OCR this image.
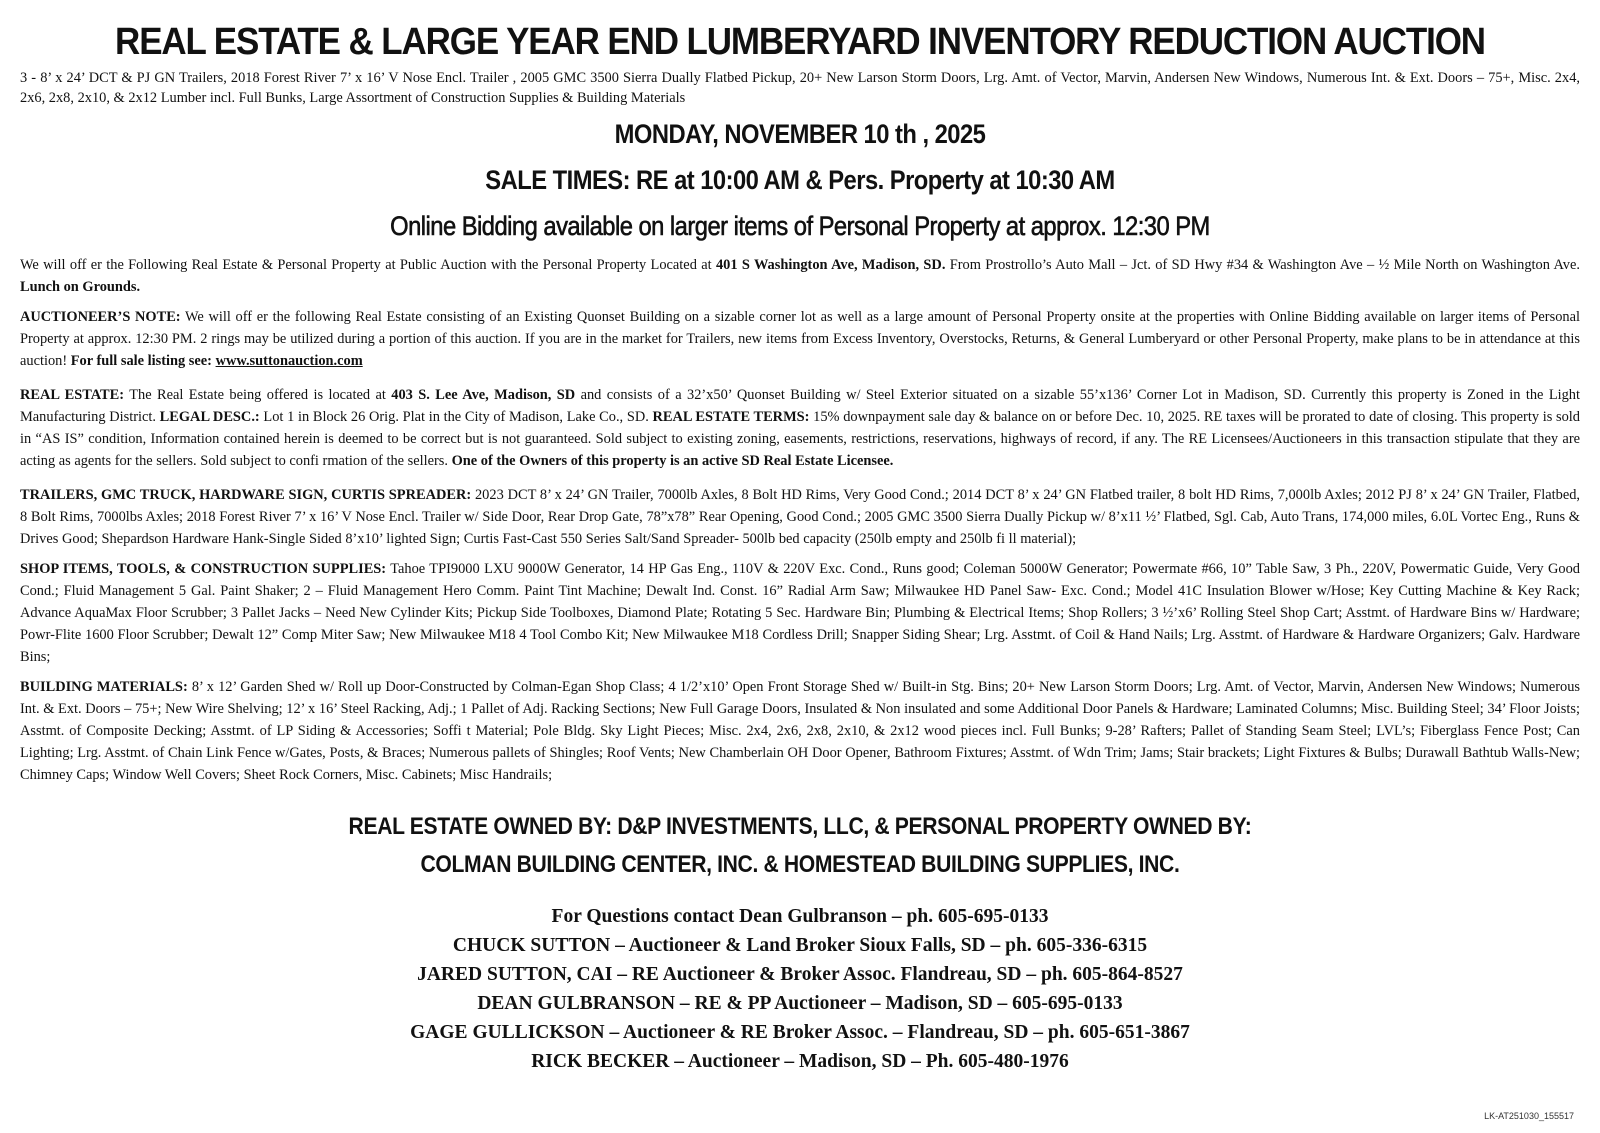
REAL ESTATE & LARGE YEAR END LUMBERYARD INVENTORY REDUCTION AUCTION
3 - 8’ x 24’ DCT & PJ GN Trailers, 2018 Forest River 7’ x 16’ V Nose Encl. Trailer , 2005 GMC 3500 Sierra Dually Flatbed Pickup, 20+ New Larson Storm Doors, Lrg. Amt. of Vector, Marvin, Andersen New Windows, Numerous Int. & Ext. Doors – 75+, Misc. 2x4, 2x6, 2x8, 2x10, & 2x12 Lumber incl. Full Bunks, Large Assortment of Construction Supplies & Building Materials
MONDAY, NOVEMBER 10 th , 2025
SALE TIMES: RE at 10:00 AM & Pers. Property at 10:30 AM
Online Bidding available on larger items of Personal Property at approx. 12:30 PM

We will off er the Following Real Estate & Personal Property at Public Auction with the Personal Property Located at 401 S Washington Ave, Madison, SD. From Prostrollo’s Auto Mall – Jct. of SD Hwy #34 & Washington Ave – ½ Mile North on Washington Ave. Lunch on Grounds.

AUCTIONEER’S NOTE: We will off er the following Real Estate consisting of an Existing Quonset Building on a sizable corner lot as well as a large amount of Personal Property onsite at the properties with Online Bidding available on larger items of Personal Property at approx. 12:30 PM. 2 rings may be utilized during a portion of this auction. If you are in the market for Trailers, new items from Excess Inventory, Overstocks, Returns, & General Lumberyard or other Personal Property, make plans to be in attendance at this auction! For full sale listing see: www.suttonauction.com

REAL ESTATE: The Real Estate being offered is located at 403 S. Lee Ave, Madison, SD and consists of a 32’x50’ Quonset Building w/ Steel Exterior situated on a sizable 55’x136’ Corner Lot in Madison, SD. Currently this property is Zoned in the Light Manufacturing District. LEGAL DESC.: Lot 1 in Block 26 Orig. Plat in the City of Madison, Lake Co., SD. REAL ESTATE TERMS: 15% downpayment sale day & balance on or before Dec. 10, 2025. RE taxes will be prorated to date of closing. This property is sold in “AS IS” condition, Information contained herein is deemed to be correct but is not guaranteed. Sold subject to existing zoning, easements, restrictions, reservations, highways of record, if any. The RE Licensees/Auctioneers in this transaction stipulate that they are acting as agents for the sellers. Sold subject to confi rmation of the sellers. One of the Owners of this property is an active SD Real Estate Licensee.

TRAILERS, GMC TRUCK, HARDWARE SIGN, CURTIS SPREADER: 2023 DCT 8’ x 24’ GN Trailer, 7000lb Axles, 8 Bolt HD Rims, Very Good Cond.; 2014 DCT 8’ x 24’ GN Flatbed trailer, 8 bolt HD Rims, 7,000lb Axles; 2012 PJ 8’ x 24’ GN Trailer, Flatbed, 8 Bolt Rims, 7000lbs Axles; 2018 Forest River 7’ x 16’ V Nose Encl. Trailer w/ Side Door, Rear Drop Gate, 78”x78” Rear Opening, Good Cond.; 2005 GMC 3500 Sierra Dually Pickup w/ 8’x11 ½’ Flatbed, Sgl. Cab, Auto Trans, 174,000 miles, 6.0L Vortec Eng., Runs & Drives Good; Shepardson Hardware Hank-Single Sided 8’x10’ lighted Sign; Curtis Fast-Cast 550 Series Salt/Sand Spreader- 500lb bed capacity (250lb empty and 250lb fi ll material);

SHOP ITEMS, TOOLS, & CONSTRUCTION SUPPLIES: Tahoe TPI9000 LXU 9000W Generator, 14 HP Gas Eng., 110V & 220V Exc. Cond., Runs good; Coleman 5000W Generator; Powermate #66, 10” Table Saw, 3 Ph., 220V, Powermatic Guide, Very Good Cond.; Fluid Management 5 Gal. Paint Shaker; 2 – Fluid Management Hero Comm. Paint Tint Machine; Dewalt Ind. Const. 16” Radial Arm Saw; Milwaukee HD Panel Saw- Exc. Cond.; Model 41C Insulation Blower w/Hose; Key Cutting Machine & Key Rack; Advance AquaMax Floor Scrubber; 3 Pallet Jacks – Need New Cylinder Kits; Pickup Side Toolboxes, Diamond Plate; Rotating 5 Sec. Hardware Bin; Plumbing & Electrical Items; Shop Rollers; 3 ½’x6’ Rolling Steel Shop Cart; Asstmt. of Hardware Bins w/ Hardware; Powr-Flite 1600 Floor Scrubber; Dewalt 12” Comp Miter Saw; New Milwaukee M18 4 Tool Combo Kit; New Milwaukee M18 Cordless Drill; Snapper Siding Shear; Lrg. Asstmt. of Coil & Hand Nails; Lrg. Asstmt. of Hardware & Hardware Organizers; Galv. Hardware Bins;

BUILDING MATERIALS: 8’ x 12’ Garden Shed w/ Roll up Door-Constructed by Colman-Egan Shop Class; 4 1/2’x10’ Open Front Storage Shed w/ Built-in Stg. Bins; 20+ New Larson Storm Doors; Lrg. Amt. of Vector, Marvin, Andersen New Windows; Numerous Int. & Ext. Doors – 75+; New Wire Shelving; 12’ x 16’ Steel Racking, Adj.; 1 Pallet of Adj. Racking Sections; New Full Garage Doors, Insulated & Non insulated and some Additional Door Panels & Hardware; Laminated Columns; Misc. Building Steel; 34’ Floor Joists; Asstmt. of Composite Decking; Asstmt. of LP Siding & Accessories; Soffi t Material; Pole Bldg. Sky Light Pieces; Misc. 2x4, 2x6, 2x8, 2x10, & 2x12 wood pieces incl. Full Bunks; 9-28’ Rafters; Pallet of Standing Seam Steel; LVL’s; Fiberglass Fence Post; Can Lighting; Lrg. Asstmt. of Chain Link Fence w/Gates, Posts, & Braces; Numerous pallets of Shingles; Roof Vents; New Chamberlain OH Door Opener, Bathroom Fixtures; Asstmt. of Wdn Trim; Jams; Stair brackets; Light Fixtures & Bulbs; Durawall Bathtub Walls-New; Chimney Caps; Window Well Covers; Sheet Rock Corners, Misc. Cabinets; Misc Handrails;

REAL ESTATE OWNED BY: D&P INVESTMENTS, LLC, & PERSONAL PROPERTY OWNED BY:
COLMAN BUILDING CENTER, INC. & HOMESTEAD BUILDING SUPPLIES, INC.
For Questions contact Dean Gulbranson – ph. 605-695-0133
CHUCK SUTTON – Auctioneer & Land Broker Sioux Falls, SD – ph. 605-336-6315
JARED SUTTON, CAI – RE Auctioneer & Broker Assoc. Flandreau, SD – ph. 605-864-8527
DEAN GULBRANSON – RE & PP Auctioneer – Madison, SD – 605-695-0133
GAGE GULLICKSON – Auctioneer & RE Broker Assoc. – Flandreau, SD – ph. 605-651-3867
RICK BECKER – Auctioneer – Madison, SD – Ph. 605-480-1976
LK-AT251030_155517
